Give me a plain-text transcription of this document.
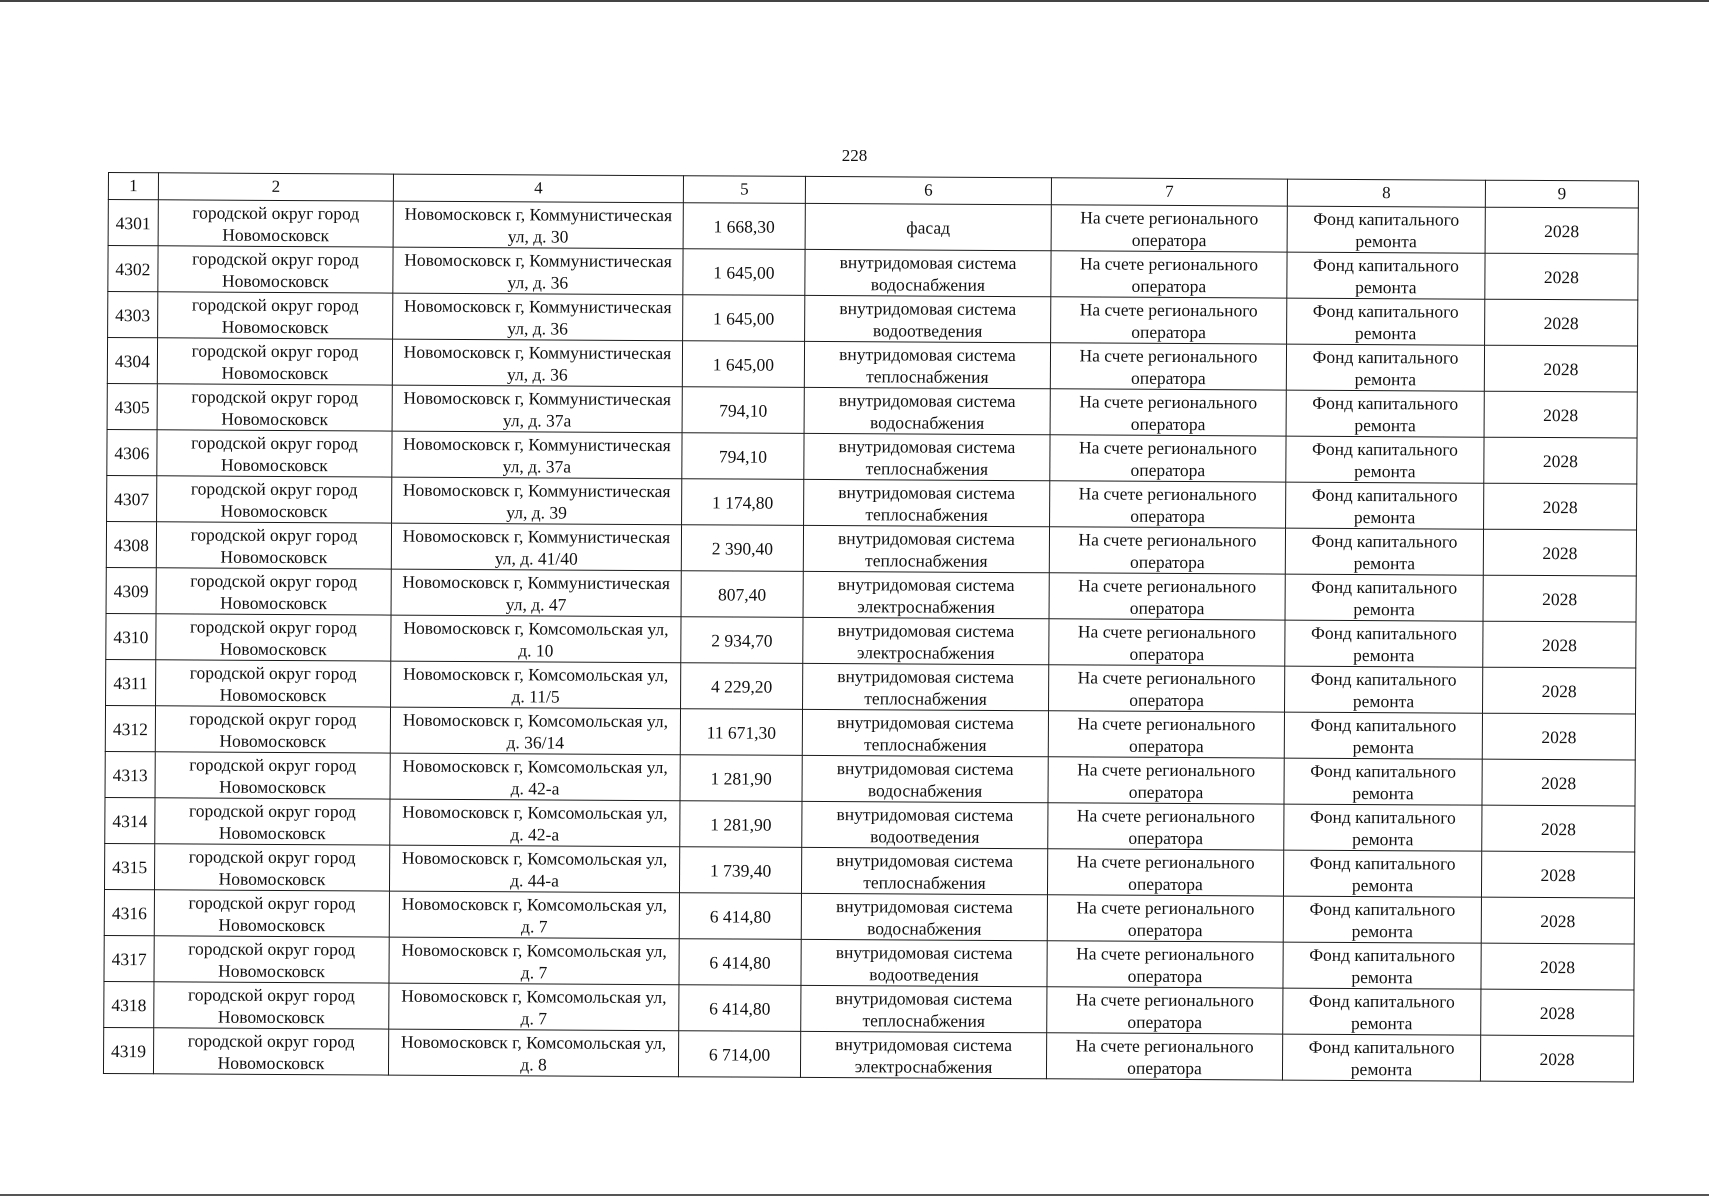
228
1	2	4	5	6	7	8	9
4301	городской округ город Новомосковск	Новомосковск г, Коммунистическая ул, д. 30	1 668,30	фасад	На счете регионального оператора	Фонд капитального ремонта	2028
4302	городской округ город Новомосковск	Новомосковск г, Коммунистическая ул, д. 36	1 645,00	внутридомовая система водоснабжения	На счете регионального оператора	Фонд капитального ремонта	2028
4303	городской округ город Новомосковск	Новомосковск г, Коммунистическая ул, д. 36	1 645,00	внутридомовая система водоотведения	На счете регионального оператора	Фонд капитального ремонта	2028
4304	городской округ город Новомосковск	Новомосковск г, Коммунистическая ул, д. 36	1 645,00	внутридомовая система теплоснабжения	На счете регионального оператора	Фонд капитального ремонта	2028
4305	городской округ город Новомосковск	Новомосковск г, Коммунистическая ул, д. 37а	794,10	внутридомовая система водоснабжения	На счете регионального оператора	Фонд капитального ремонта	2028
4306	городской округ город Новомосковск	Новомосковск г, Коммунистическая ул, д. 37а	794,10	внутридомовая система теплоснабжения	На счете регионального оператора	Фонд капитального ремонта	2028
4307	городской округ город Новомосковск	Новомосковск г, Коммунистическая ул, д. 39	1 174,80	внутридомовая система теплоснабжения	На счете регионального оператора	Фонд капитального ремонта	2028
4308	городской округ город Новомосковск	Новомосковск г, Коммунистическая ул, д. 41/40	2 390,40	внутридомовая система теплоснабжения	На счете регионального оператора	Фонд капитального ремонта	2028
4309	городской округ город Новомосковск	Новомосковск г, Коммунистическая ул, д. 47	807,40	внутридомовая система электроснабжения	На счете регионального оператора	Фонд капитального ремонта	2028
4310	городской округ город Новомосковск	Новомосковск г, Комсомольская ул, д. 10	2 934,70	внутридомовая система электроснабжения	На счете регионального оператора	Фонд капитального ремонта	2028
4311	городской округ город Новомосковск	Новомосковск г, Комсомольская ул, д. 11/5	4 229,20	внутридомовая система теплоснабжения	На счете регионального оператора	Фонд капитального ремонта	2028
4312	городской округ город Новомосковск	Новомосковск г, Комсомольская ул, д. 36/14	11 671,30	внутридомовая система теплоснабжения	На счете регионального оператора	Фонд капитального ремонта	2028
4313	городской округ город Новомосковск	Новомосковск г, Комсомольская ул, д. 42-а	1 281,90	внутридомовая система водоснабжения	На счете регионального оператора	Фонд капитального ремонта	2028
4314	городской округ город Новомосковск	Новомосковск г, Комсомольская ул, д. 42-а	1 281,90	внутридомовая система водоотведения	На счете регионального оператора	Фонд капитального ремонта	2028
4315	городской округ город Новомосковск	Новомосковск г, Комсомольская ул, д. 44-а	1 739,40	внутридомовая система теплоснабжения	На счете регионального оператора	Фонд капитального ремонта	2028
4316	городской округ город Новомосковск	Новомосковск г, Комсомольская ул, д. 7	6 414,80	внутридомовая система водоснабжения	На счете регионального оператора	Фонд капитального ремонта	2028
4317	городской округ город Новомосковск	Новомосковск г, Комсомольская ул, д. 7	6 414,80	внутридомовая система водоотведения	На счете регионального оператора	Фонд капитального ремонта	2028
4318	городской округ город Новомосковск	Новомосковск г, Комсомольская ул, д. 7	6 414,80	внутридомовая система теплоснабжения	На счете регионального оператора	Фонд капитального ремонта	2028
4319	городской округ город Новомосковск	Новомосковск г, Комсомольская ул, д. 8	6 714,00	внутридомовая система электроснабжения	На счете регионального оператора	Фонд капитального ремонта	2028
